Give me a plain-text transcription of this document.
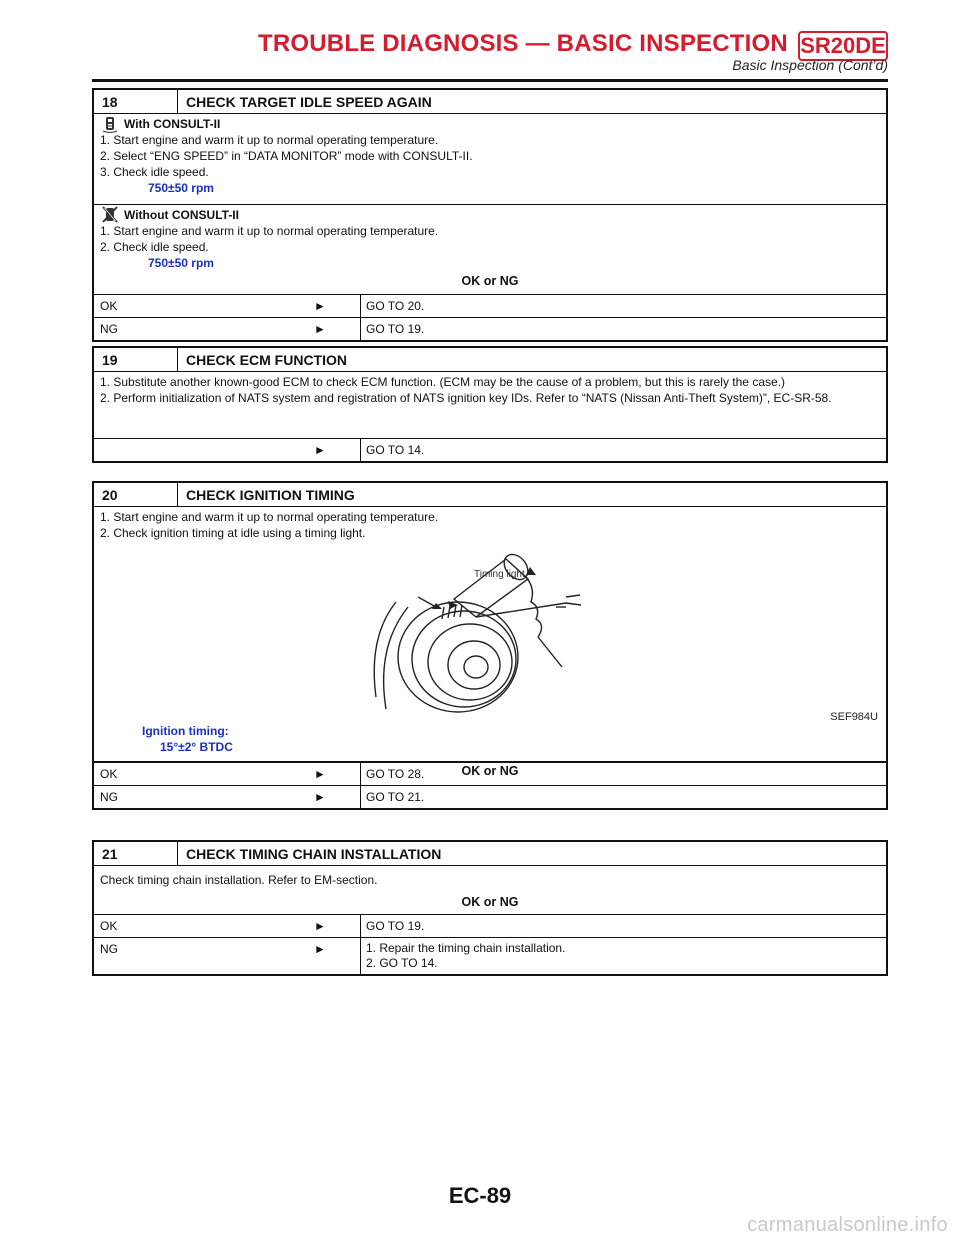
TROUBLE DIAGNOSIS — BASIC INSPECTION SR20DE
Basic Inspection (Cont’d)
18	CHECK TARGET IDLE SPEED AGAIN
With CONSULT-II
1. Start engine and warm it up to normal operating temperature.
2. Select “ENG SPEED” in “DATA MONITOR” mode with CONSULT-II.
3. Check idle speed.
750±50 rpm
Without CONSULT-II
1. Start engine and warm it up to normal operating temperature.
2. Check idle speed.
750±50 rpm
OK or NG
OK	►	GO TO 20.
NG	►	GO TO 19.
19	CHECK ECM FUNCTION
1. Substitute another known-good ECM to check ECM function. (ECM may be the cause of a problem, but this is rarely the case.)
2. Perform initialization of NATS system and registration of NATS ignition key IDs. Refer to “NATS (Nissan Anti-Theft System)”, EC-SR-58.
►	GO TO 14.
20	CHECK IGNITION TIMING
1. Start engine and warm it up to normal operating temperature.
2. Check ignition timing at idle using a timing light.
Timing light
SEF984U
Ignition timing:
15°±2° BTDC
OK or NG
OK	►	GO TO 28.
NG	►	GO TO 21.
21	CHECK TIMING CHAIN INSTALLATION
Check timing chain installation. Refer to EM-section.
OK or NG
OK	►	GO TO 19.
NG	►	1. Repair the timing chain installation.
2. GO TO 14.
EC-89
carmanualsonline.info
